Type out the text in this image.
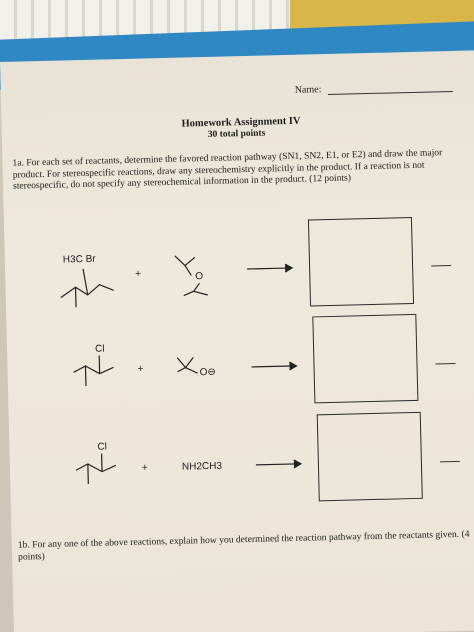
Name:
Homework Assignment IV
30 total points
1a. For each set of reactants, determine the favored reaction pathway (SN1, SN2, E1, or E2) and draw the major product. For stereospecific reactions, draw any stereochemistry explicitly in the product. If a reaction is not stereospecific, do not specify any stereochemical information in the product. (12 points)
H3C Br
+	O
Cl
+	O⊖
Cl
+	NH2CH3
1b. For any one of the above reactions, explain how you determined the reaction pathway from the reactants given. (4 points)
